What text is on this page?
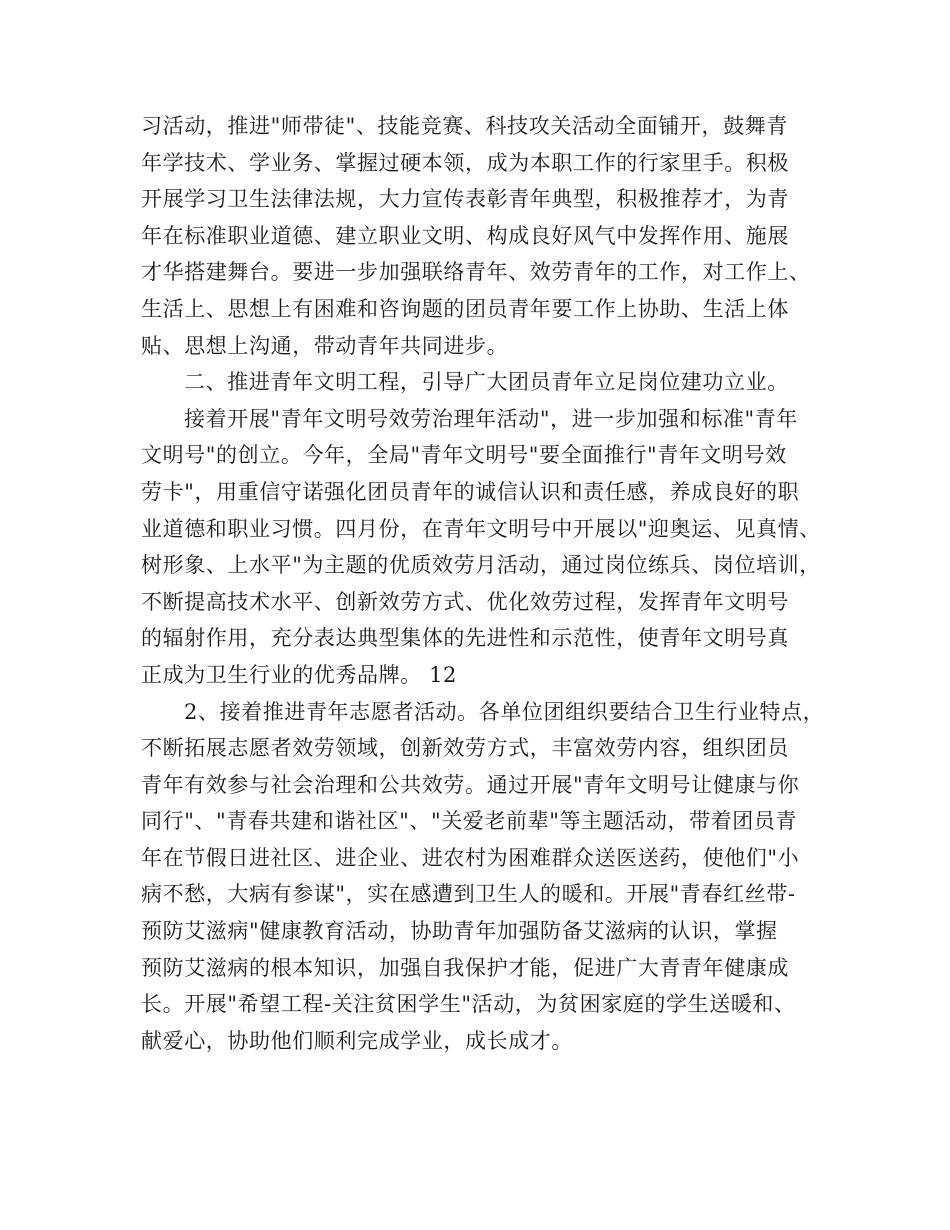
习活动，推进"师带徒"、技能竞赛、科技攻关活动全面铺开，鼓舞青
年学技术、学业务、掌握过硬本领，成为本职工作的行家里手。积极
开展学习卫生法律法规，大力宣传表彰青年典型，积极推荐才，为青
年在标准职业道德、建立职业文明、构成良好风气中发挥作用、施展
才华搭建舞台。要进一步加强联络青年、效劳青年的工作，对工作上、
生活上、思想上有困难和咨询题的团员青年要工作上协助、生活上体
贴、思想上沟通，带动青年共同进步。
二、推进青年文明工程，引导广大团员青年立足岗位建功立业。
接着开展"青年文明号效劳治理年活动"，进一步加强和标准"青年
文明号"的创立。今年，全局"青年文明号"要全面推行"青年文明号效
劳卡"，用重信守诺强化团员青年的诚信认识和责任感，养成良好的职
业道德和职业习惯。四月份，在青年文明号中开展以"迎奥运、见真情、
树形象、上水平"为主题的优质效劳月活动，通过岗位练兵、岗位培训，
不断提高技术水平、创新效劳方式、优化效劳过程，发挥青年文明号
的辐射作用，充分表达典型集体的先进性和示范性，使青年文明号真
正成为卫生行业的优秀品牌。 12
2、接着推进青年志愿者活动。各单位团组织要结合卫生行业特点，
不断拓展志愿者效劳领域，创新效劳方式，丰富效劳内容，组织团员
青年有效参与社会治理和公共效劳。通过开展"青年文明号让健康与你
同行"、"青春共建和谐社区"、"关爱老前辈"等主题活动，带着团员青
年在节假日进社区、进企业、进农村为困难群众送医送药，使他们"小
病不愁，大病有参谋"，实在感遭到卫生人的暖和。开展"青春红丝带-
预防艾滋病"健康教育活动，协助青年加强防备艾滋病的认识，掌握
预防艾滋病的根本知识，加强自我保护才能，促进广大青青年健康成
长。开展"希望工程-关注贫困学生"活动，为贫困家庭的学生送暖和、
献爱心，协助他们顺利完成学业，成长成才。
